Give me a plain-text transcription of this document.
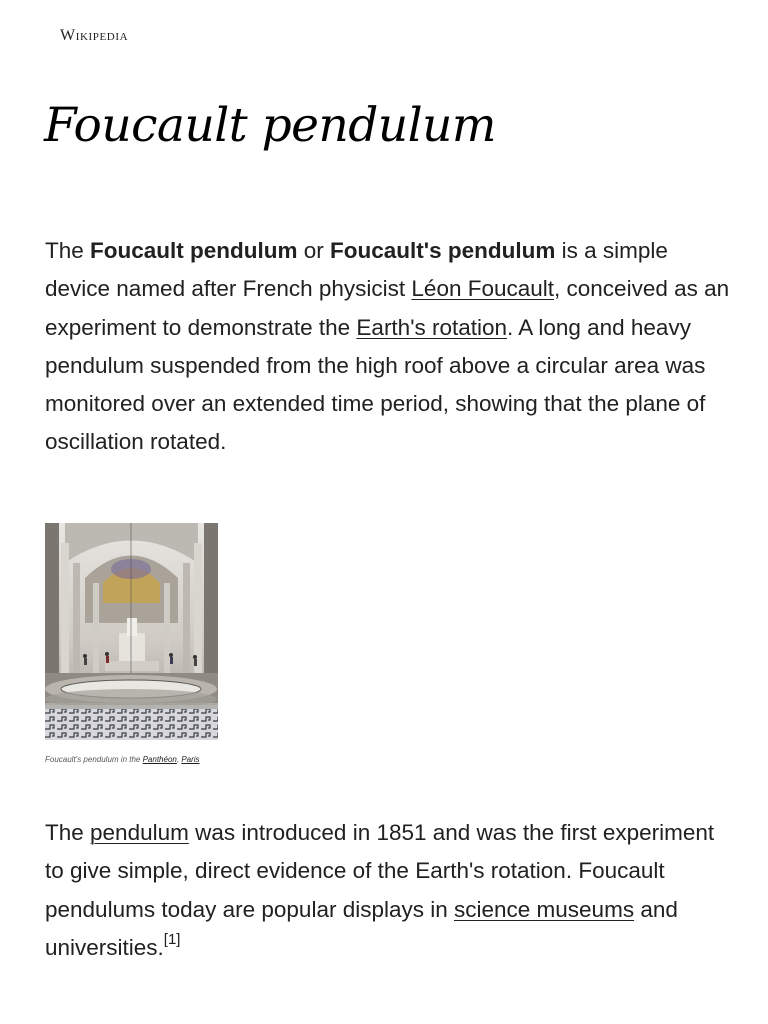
Wikipedia
Foucault pendulum

The Foucault pendulum or Foucault's pendulum is a simple device named after French physicist Léon Foucault, conceived as an experiment to demonstrate the Earth's rotation. A long and heavy pendulum suspended from the high roof above a circular area was monitored over an extended time period, showing that the plane of oscillation rotated.

Foucault's pendulum in the Panthéon, Paris

The pendulum was introduced in 1851 and was the first experiment to give simple, direct evidence of the Earth's rotation. Foucault pendulums today are popular displays in science museums and universities.[1]
